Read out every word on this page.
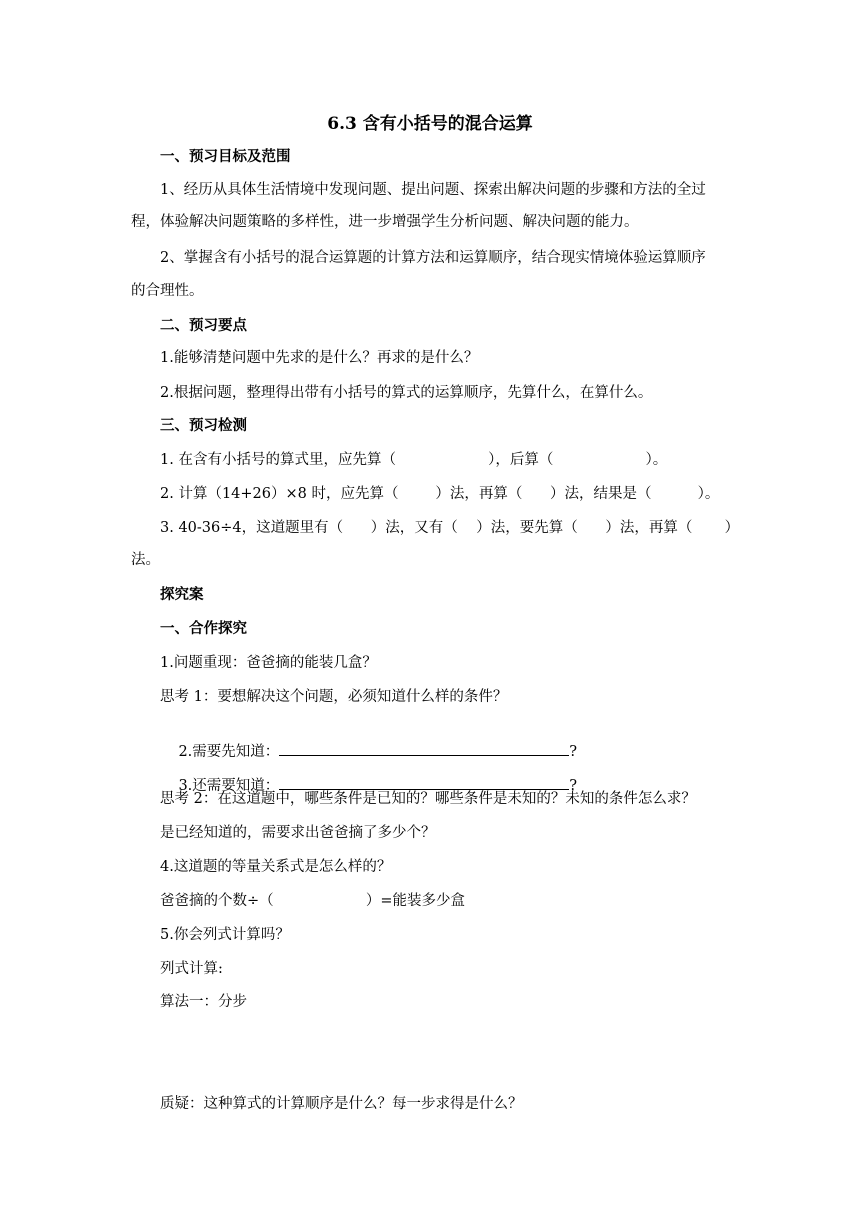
6.3 含有小括号的混合运算
一、预习目标及范围
1、经历从具体生活情境中发现问题、提出问题、探索出解决问题的步骤和方法的全过
程，体验解决问题策略的多样性，进一步增强学生分析问题、解决问题的能力。
2、掌握含有小括号的混合运算题的计算方法和运算顺序，结合现实情境体验运算顺序
的合理性。
二、预习要点
1.能够清楚问题中先求的是什么？再求的是什么？
2.根据问题，整理得出带有小括号的算式的运算顺序，先算什么，在算什么。
三、预习检测
1. 在含有小括号的算式里，应先算（                    ），后算（                    ）。
2. 计算（14+26）×8 时，应先算（        ）法，再算（      ）法，结果是（          ）。
3. 40-36÷4，这道题里有（      ）法，又有（    ）法，要先算（      ）法，再算（       ）
法。
探究案
一、合作探究
1.问题重现：爸爸摘的能装几盒？
思考 1：要想解决这个问题，必须知道什么样的条件？

2.需要先知道：	?

3.还需要知道：	?

思考 2：在这道题中，哪些条件是已知的？哪些条件是未知的？未知的条件怎么求？
是已经知道的，需要求出爸爸摘了多少个？
4.这道题的等量关系式是怎么样的？
爸爸摘的个数÷（                    ）=能装多少盒
5.你会列式计算吗？
列式计算:
算法一：分步
质疑：这种算式的计算顺序是什么？每一步求得是什么？
